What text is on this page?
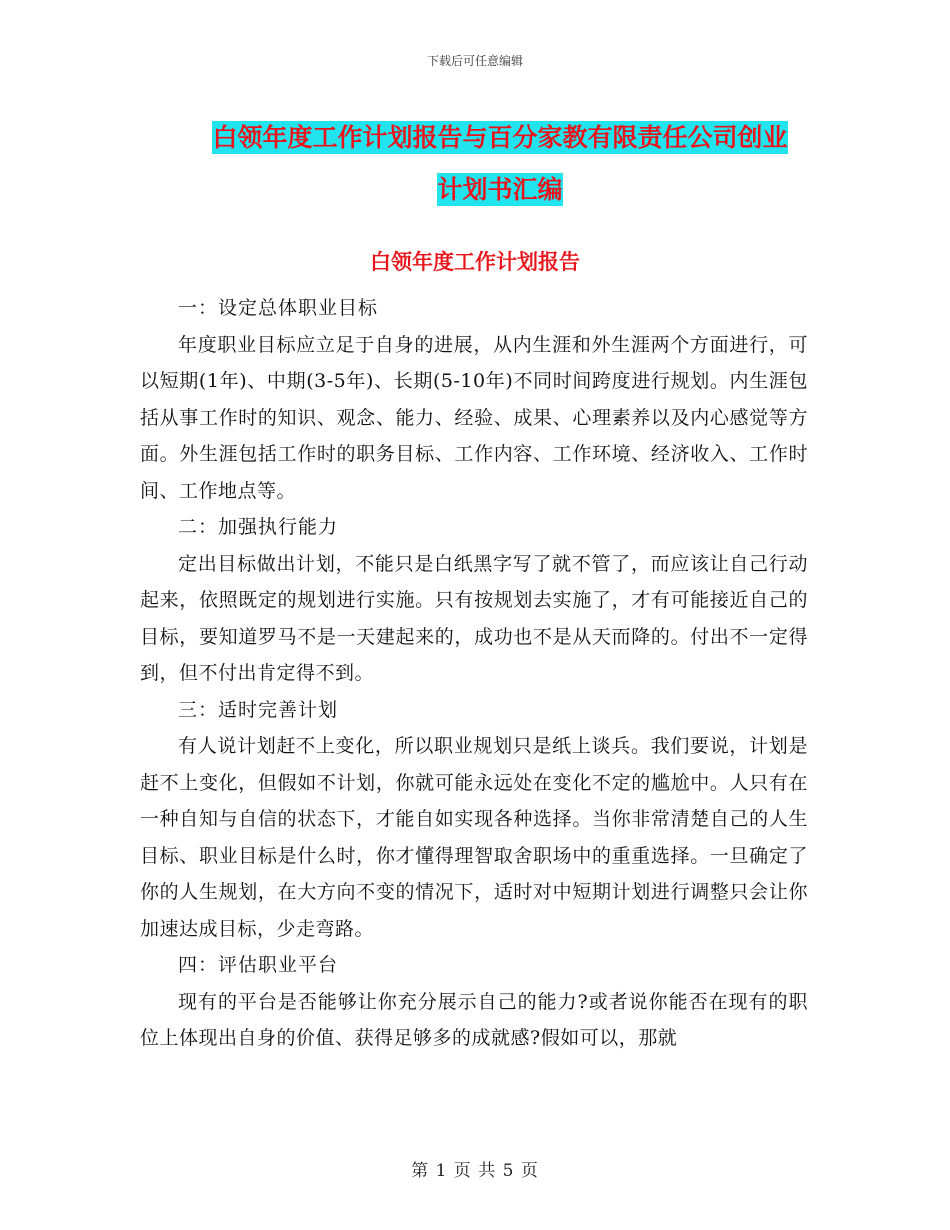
下载后可任意编辑
白领年度工作计划报告与百分家教有限责任公司创业
计划书汇编
白领年度工作计划报告

一：设定总体职业目标

年度职业目标应立足于自身的进展，从内生涯和外生涯两个方面进行，可以短期(1年)、中期(3-5年)、长期(5-10年)不同时间跨度进行规划。内生涯包括从事工作时的知识、观念、能力、经验、成果、心理素养以及内心感觉等方面。外生涯包括工作时的职务目标、工作内容、工作环境、经济收入、工作时间、工作地点等。

二：加强执行能力

定出目标做出计划，不能只是白纸黑字写了就不管了，而应该让自己行动起来，依照既定的规划进行实施。只有按规划去实施了，才有可能接近自己的目标，要知道罗马不是一天建起来的，成功也不是从天而降的。付出不一定得到，但不付出肯定得不到。

三：适时完善计划

有人说计划赶不上变化，所以职业规划只是纸上谈兵。我们要说，计划是赶不上变化，但假如不计划，你就可能永远处在变化不定的尴尬中。人只有在一种自知与自信的状态下，才能自如实现各种选择。当你非常清楚自己的人生目标、职业目标是什么时，你才懂得理智取舍职场中的重重选择。一旦确定了你的人生规划，在大方向不变的情况下，适时对中短期计划进行调整只会让你加速达成目标，少走弯路。

四：评估职业平台

现有的平台是否能够让你充分展示自己的能力?或者说你能否在现有的职位上体现出自身的价值、获得足够多的成就感?假如可以，那就

第 1 页 共 5 页
